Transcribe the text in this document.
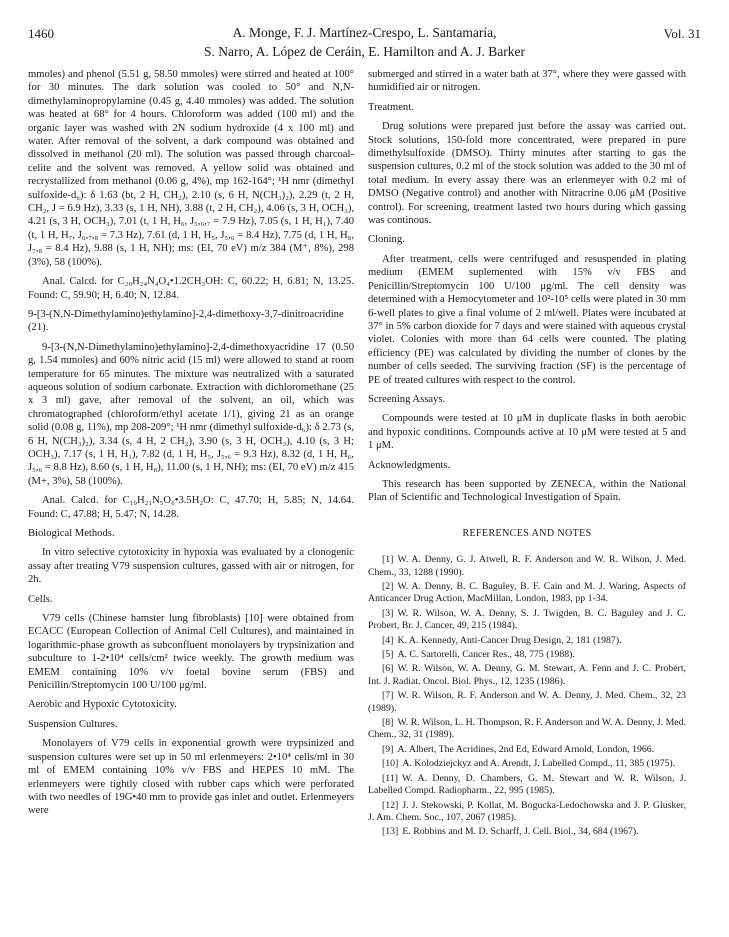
1460	A. Monge, F. J. Martínez-Crespo, L. Santamaría,
S. Narro, A. López de Ceráin, E. Hamilton and A. J. Barker
Vol. 31

mmoles) and phenol (5.51 g, 58.50 mmoles) were stirred and heated at 100° for 30 minutes. The dark solution was cooled to 50° and N,N-dimethylaminopropylamine (0.45 g, 4.40 mmoles) was added. The solution was heated at 68° for 4 hours. Chloroform was added (100 ml) and the organic layer was washed with 2N sodium hydroxide (4 x 100 ml) and water. After removal of the solvent, a dark compound was obtained and dissolved in methanol (20 ml). The solution was passed through charcoal-celite and the solvent was removed. A yellow solid was obtained and recrystallized from methanol (0.06 g, 4%), mp 162-164°; ¹H nmr (dimethyl sulfoxide-d₆): δ 1.63 (bt, 2 H, CH₂), 2.10 (s, 6 H, N(CH₃)₂), 2.29 (t, 2 H, CH₂, J = 6.9 Hz), 3.33 (s, 1 H, NH), 3.88 (t, 2 H, CH₂), 4.06 (s, 3 H, OCH₃), 4.21 (s, 3 H, OCH₃), 7.01 (t, 1 H, H₆, J₅,₆,₇ = 7.9 Hz), 7.05 (s, 1 H, H₁), 7.40 (t, 1 H, H₇, J₆,₇,₈ = 7.3 Hz), 7.61 (d, 1 H, H₅, J₅,₆ = 8.4 Hz), 7.75 (d, 1 H, H₈, J₇,₈ = 8.4 Hz), 9.88 (s, 1 H, NH); ms: (EI, 70 eV) m/z 384 (M⁺, 8%), 298 (3%), 58 (100%).

Anal. Calcd. for C₂₀H₂₄N₄O₄•1.2CH₃OH: C, 60.22; H, 6.81; N, 13.25. Found: C, 59.90; H, 6.40; N, 12.84.

9-[3-(N,N-Dimethylamino)ethylamino]-2,4-dimethoxy-3,7-dinitroacridine (21).

9-[3-(N,N-Dimethylamino)ethylamino]-2,4-dimethoxyacridine 17 (0.50 g, 1.54 mmoles) and 60% nitric acid (15 ml) were allowed to stand at room temperature for 65 minutes. The mixture was neutralized with a saturated aqueous solution of sodium carbonate. Extraction with dichloromethane (25 x 3 ml) gave, after removal of the solvent, an oil, which was chromatographed (chloroform/ethyl acetate 1/1), giving 21 as an orange solid (0.08 g, 11%), mp 208-209°; ¹H nmr (dimethyl sulfoxide-d₆): δ 2.73 (s, 6 H, N(CH₃)₂), 3.34 (s, 4 H, 2 CH₂), 3.90 (s, 3 H, OCH₃), 4.10 (s, 3 H; OCH₃), 7.17 (s, 1 H, H₁), 7.82 (d, 1 H, H₅, J₅,₆ = 9.3 Hz), 8.32 (d, 1 H, H₆, J₅,₆ = 8.8 Hz), 8.60 (s, 1 H, H₈), 11.00 (s, 1 H, NH); ms: (EI, 70 eV) m/z 415 (M+, 3%), 58 (100%).

Anal. Calcd. for C₁₉H₂₁N₅O₆•3.5H₂O: C, 47.70; H, 5.85; N, 14.64. Found: C, 47.88; H, 5.47; N, 14.28.

Biological Methods.

In vitro selective cytotoxicity in hypoxia was evaluated by a clonogenic assay after treating V79 suspension cultures, gassed with air or nitrogen, for 2h.

Cells.

V79 cells (Chinese hamster lung fibroblasts) [10] were obtained from ECACC (European Collection of Animal Cell Cultures), and maintained in logarithmic-phase growth as subconfluent monolayers by trypsinization and subculture to 1-2•10⁴ cells/cm² twice weekly. The growth medium was EMEM containing 10% v/v foetal bovine serum (FBS) and Penicillin/Streptomycin 100 U/100 μg/ml.

Aerobic and Hypoxic Cytotoxicity.
Suspension Cultures.

Monolayers of V79 cells in exponential growth were trypsinized and suspension cultures were set up in 50 ml erlenmeyers: 2•10⁴ cells/ml in 30 ml of EMEM containing 10% v/v FBS and HEPES 10 mM. The erlenmeyers were tightly closed with rubber caps which were perforated with two needles of 19G•40 mm to provide gas inlet and outlet. Erlenmeyers were

submerged and stirred in a water bath at 37°, where they were gassed with humidified air or nitrogen.

Treatment.

Drug solutions were prepared just before the assay was carried out. Stock solutions, 150-fold more concentrated, were prepared in pure dimethylsulfoxide (DMSO). Thirty minutes after starting to gas the suspension cultures, 0.2 ml of the stock solution was added to the 30 ml of total medium. In every assay there was an erlenmeyer with 0.2 ml of DMSO (Negative control) and another with Nitracrine 0.06 μM (Positive control). For screening, treatment lasted two hours during which gassing was continous.

Cloning.

After treatment, cells were centrifuged and resuspended in plating medium (EMEM suplemented with 15% v/v FBS and Penicillin/Streptomycin 100 U/100 μg/ml. The cell density was determined with a Hemocytometer and 10²-10⁵ cells were plated in 30 mm 6-well plates to give a final volume of 2 ml/well. Plates were incubated at 37° in 5% carbon dioxide for 7 days and were stained with aqueous crystal violet. Colonies with more than 64 cells were counted. The plating efficiency (PE) was calculated by dividing the number of clones by the number of cells seeded. The surviving fraction (SF) is the percentage of PE of treated cultures with respect to the control.

Screening Assays.

Compounds were tested at 10 μM in duplicate flasks in both aerobic and hypoxic conditions. Compounds active at 10 μM were tested at 5 and 1 μM.

Acknowledgments.

This research has been supported by ZENECA, within the National Plan of Scientific and Technological Investigation of Spain.

REFERENCES AND NOTES
[1] W. A. Denny, G. J. Atwell, R. F. Anderson and W. R. Wilson, J. Med. Chem., 33, 1288 (1990).
[2] W. A. Denny, B. C. Baguley, B. F. Cain and M. J. Waring, Aspects of Anticancer Drug Action, MacMillan, London, 1983, pp 1-34.
[3] W. R. Wilson, W. A. Denny, S. J. Twigden, B. C. Baguley and J. C. Probert, Br. J. Cancer, 49, 215 (1984).
[4] K. A. Kennedy, Anti-Cancer Drug Design, 2, 181 (1987).
[5] A. C. Sartorelli, Cancer Res., 48, 775 (1988).
[6] W. R. Wilson, W. A. Denny, G. M. Stewart, A. Fenn and J. C. Probert, Int. J. Radiat. Oncol. Biol. Phys., 12, 1235 (1986).
[7] W. R. Wilson, R. F. Anderson and W. A. Denny, J. Med. Chem., 32, 23 (1989).
[8] W. R. Wilson, L. H. Thompson, R. F. Anderson and W. A. Denny, J. Med. Chem., 32, 31 (1989).
[9] A. Albert, The Acridines, 2nd Ed, Edward Arnold, London, 1966.
[10] A. Kolodziejckyz and A. Arendt, J. Labelled Compd., 11, 385 (1975).
[11] W. A. Denny, D. Chambers, G. M. Stewart and W. R. Wilson, J. Labelled Compd. Radiopharm., 22, 995 (1985).
[12] J. J. Stekowski, P. Kollat, M. Bogucka-Ledochowska and J. P. Glusker, J. Am. Chem. Soc., 107, 2067 (1985).
[13] E. Robbins and M. D. Scharff, J. Cell. Biol., 34, 684 (1967).
